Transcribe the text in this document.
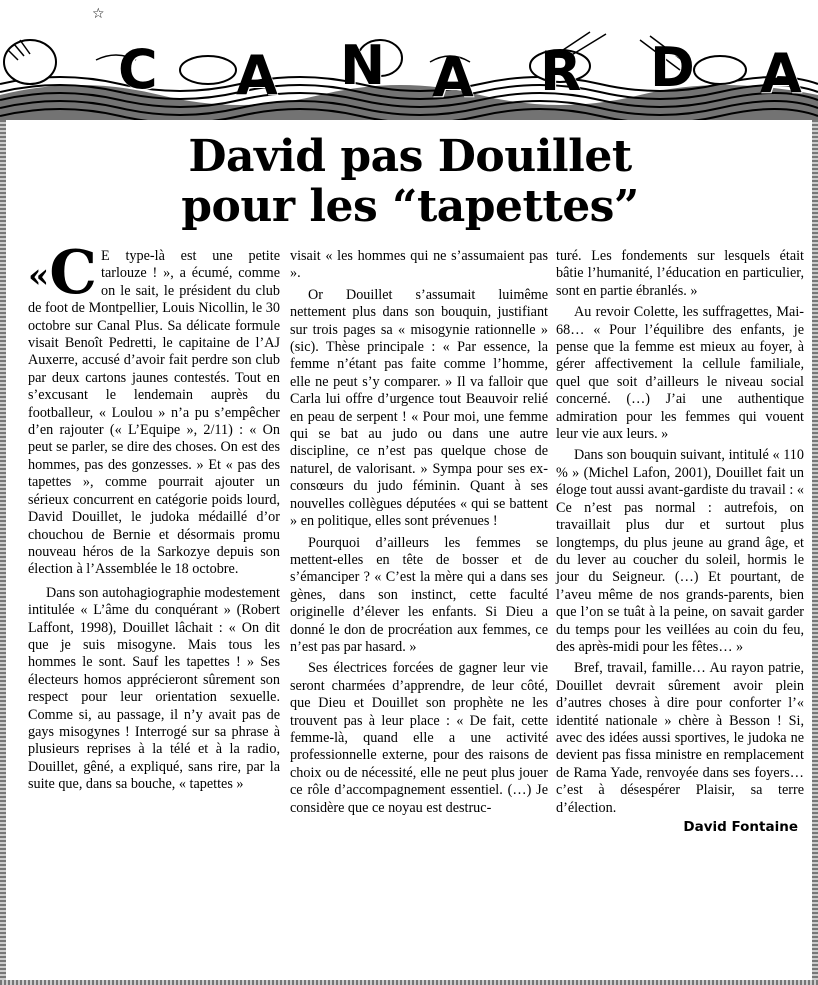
☆
C A N A R D A
David pas Douillet
pour les “tapettes”

«C E type-là est une petite tarlouze ! », a écumé, comme on le sait, le président du club de foot de Montpellier, Louis Nicollin, le 30 octobre sur Canal Plus. Sa délicate formule visait Benoît Pedretti, le capitaine de l’AJ Auxerre, accusé d’avoir fait perdre son club par deux cartons jaunes contestés. Tout en s’excusant le lendemain auprès du footballeur, « Loulou » n’a pu s’empêcher d’en rajouter (« L’Equipe », 2/11) : « On peut se parler, se dire des choses. On est des hommes, pas des gonzesses. » Et « pas des tapettes », comme pourrait ajouter un sérieux concurrent en catégorie poids lourd, David Douillet, le judoka médaillé d’or chouchou de Bernie et désormais promu nouveau héros de la Sarkozye depuis son élection à l’Assemblée le 18 octobre.

Dans son autohagiographie modestement intitulée « L’âme du conquérant » (Robert Laffont, 1998), Douillet lâchait : « On dit que je suis misogyne. Mais tous les hommes le sont. Sauf les tapettes ! » Ses électeurs homos apprécieront sûrement son respect pour leur orientation sexuelle. Comme si, au passage, il n’y avait pas de gays misogynes ! Interrogé sur sa phrase à plusieurs reprises à la télé et à la radio, Douillet, gêné, a expliqué, sans rire, par la suite que, dans sa bouche, « tapettes »

visait « les hommes qui ne s’assumaient pas ».

Or Douillet s’assumait luimême nettement plus dans son bouquin, justifiant sur trois pages sa « misogynie rationnelle » (sic). Thèse principale : « Par essence, la femme n’étant pas faite comme l’homme, elle ne peut s’y comparer. » Il va falloir que Carla lui offre d’urgence tout Beauvoir relié en peau de serpent ! « Pour moi, une femme qui se bat au judo ou dans une autre discipline, ce n’est pas quelque chose de naturel, de valorisant. » Sympa pour ses ex-consœurs du judo féminin. Quant à ses nouvelles collègues députées « qui se battent » en politique, elles sont prévenues !

Pourquoi d’ailleurs les femmes se mettent-elles en tête de bosser et de s’émanciper ? « C’est la mère qui a dans ses gènes, dans son instinct, cette faculté originelle d’élever les enfants. Si Dieu a donné le don de procréation aux femmes, ce n’est pas par hasard. »

Ses électrices forcées de gagner leur vie seront charmées d’apprendre, de leur côté, que Dieu et Douillet son prophète ne les trouvent pas à leur place : « De fait, cette femme-là, quand elle a une activité professionnelle externe, pour des raisons de choix ou de nécessité, elle ne peut plus jouer ce rôle d’accompagnement essentiel. (…) Je considère que ce noyau est destruc-

turé. Les fondements sur lesquels était bâtie l’humanité, l’éducation en particulier, sont en partie ébranlés. »

Au revoir Colette, les suffragettes, Mai-68… « Pour l’équilibre des enfants, je pense que la femme est mieux au foyer, à gérer affectivement la cellule familiale, quel que soit d’ailleurs le niveau social concerné. (…) J’ai une authentique admiration pour les femmes qui vouent leur vie aux leurs. »

Dans son bouquin suivant, intitulé « 110 % » (Michel Lafon, 2001), Douillet fait un éloge tout aussi avant-gardiste du travail : « Ce n’est pas normal : autrefois, on travaillait plus dur et surtout plus longtemps, du plus jeune au grand âge, et du lever au coucher du soleil, hormis le jour du Seigneur. (…) Et pourtant, de l’aveu même de nos grands-parents, bien que l’on se tuât à la peine, on savait garder du temps pour les veillées au coin du feu, des après-midi pour les fêtes… »

Bref, travail, famille… Au rayon patrie, Douillet devrait sûrement avoir plein d’autres choses à dire pour conforter l’« identité nationale » chère à Besson ! Si, avec des idées aussi sportives, le judoka ne devient pas fissa ministre en remplacement de Rama Yade, renvoyée dans ses foyers… c’est à désespérer Plaisir, sa terre d’élection.

David Fontaine
